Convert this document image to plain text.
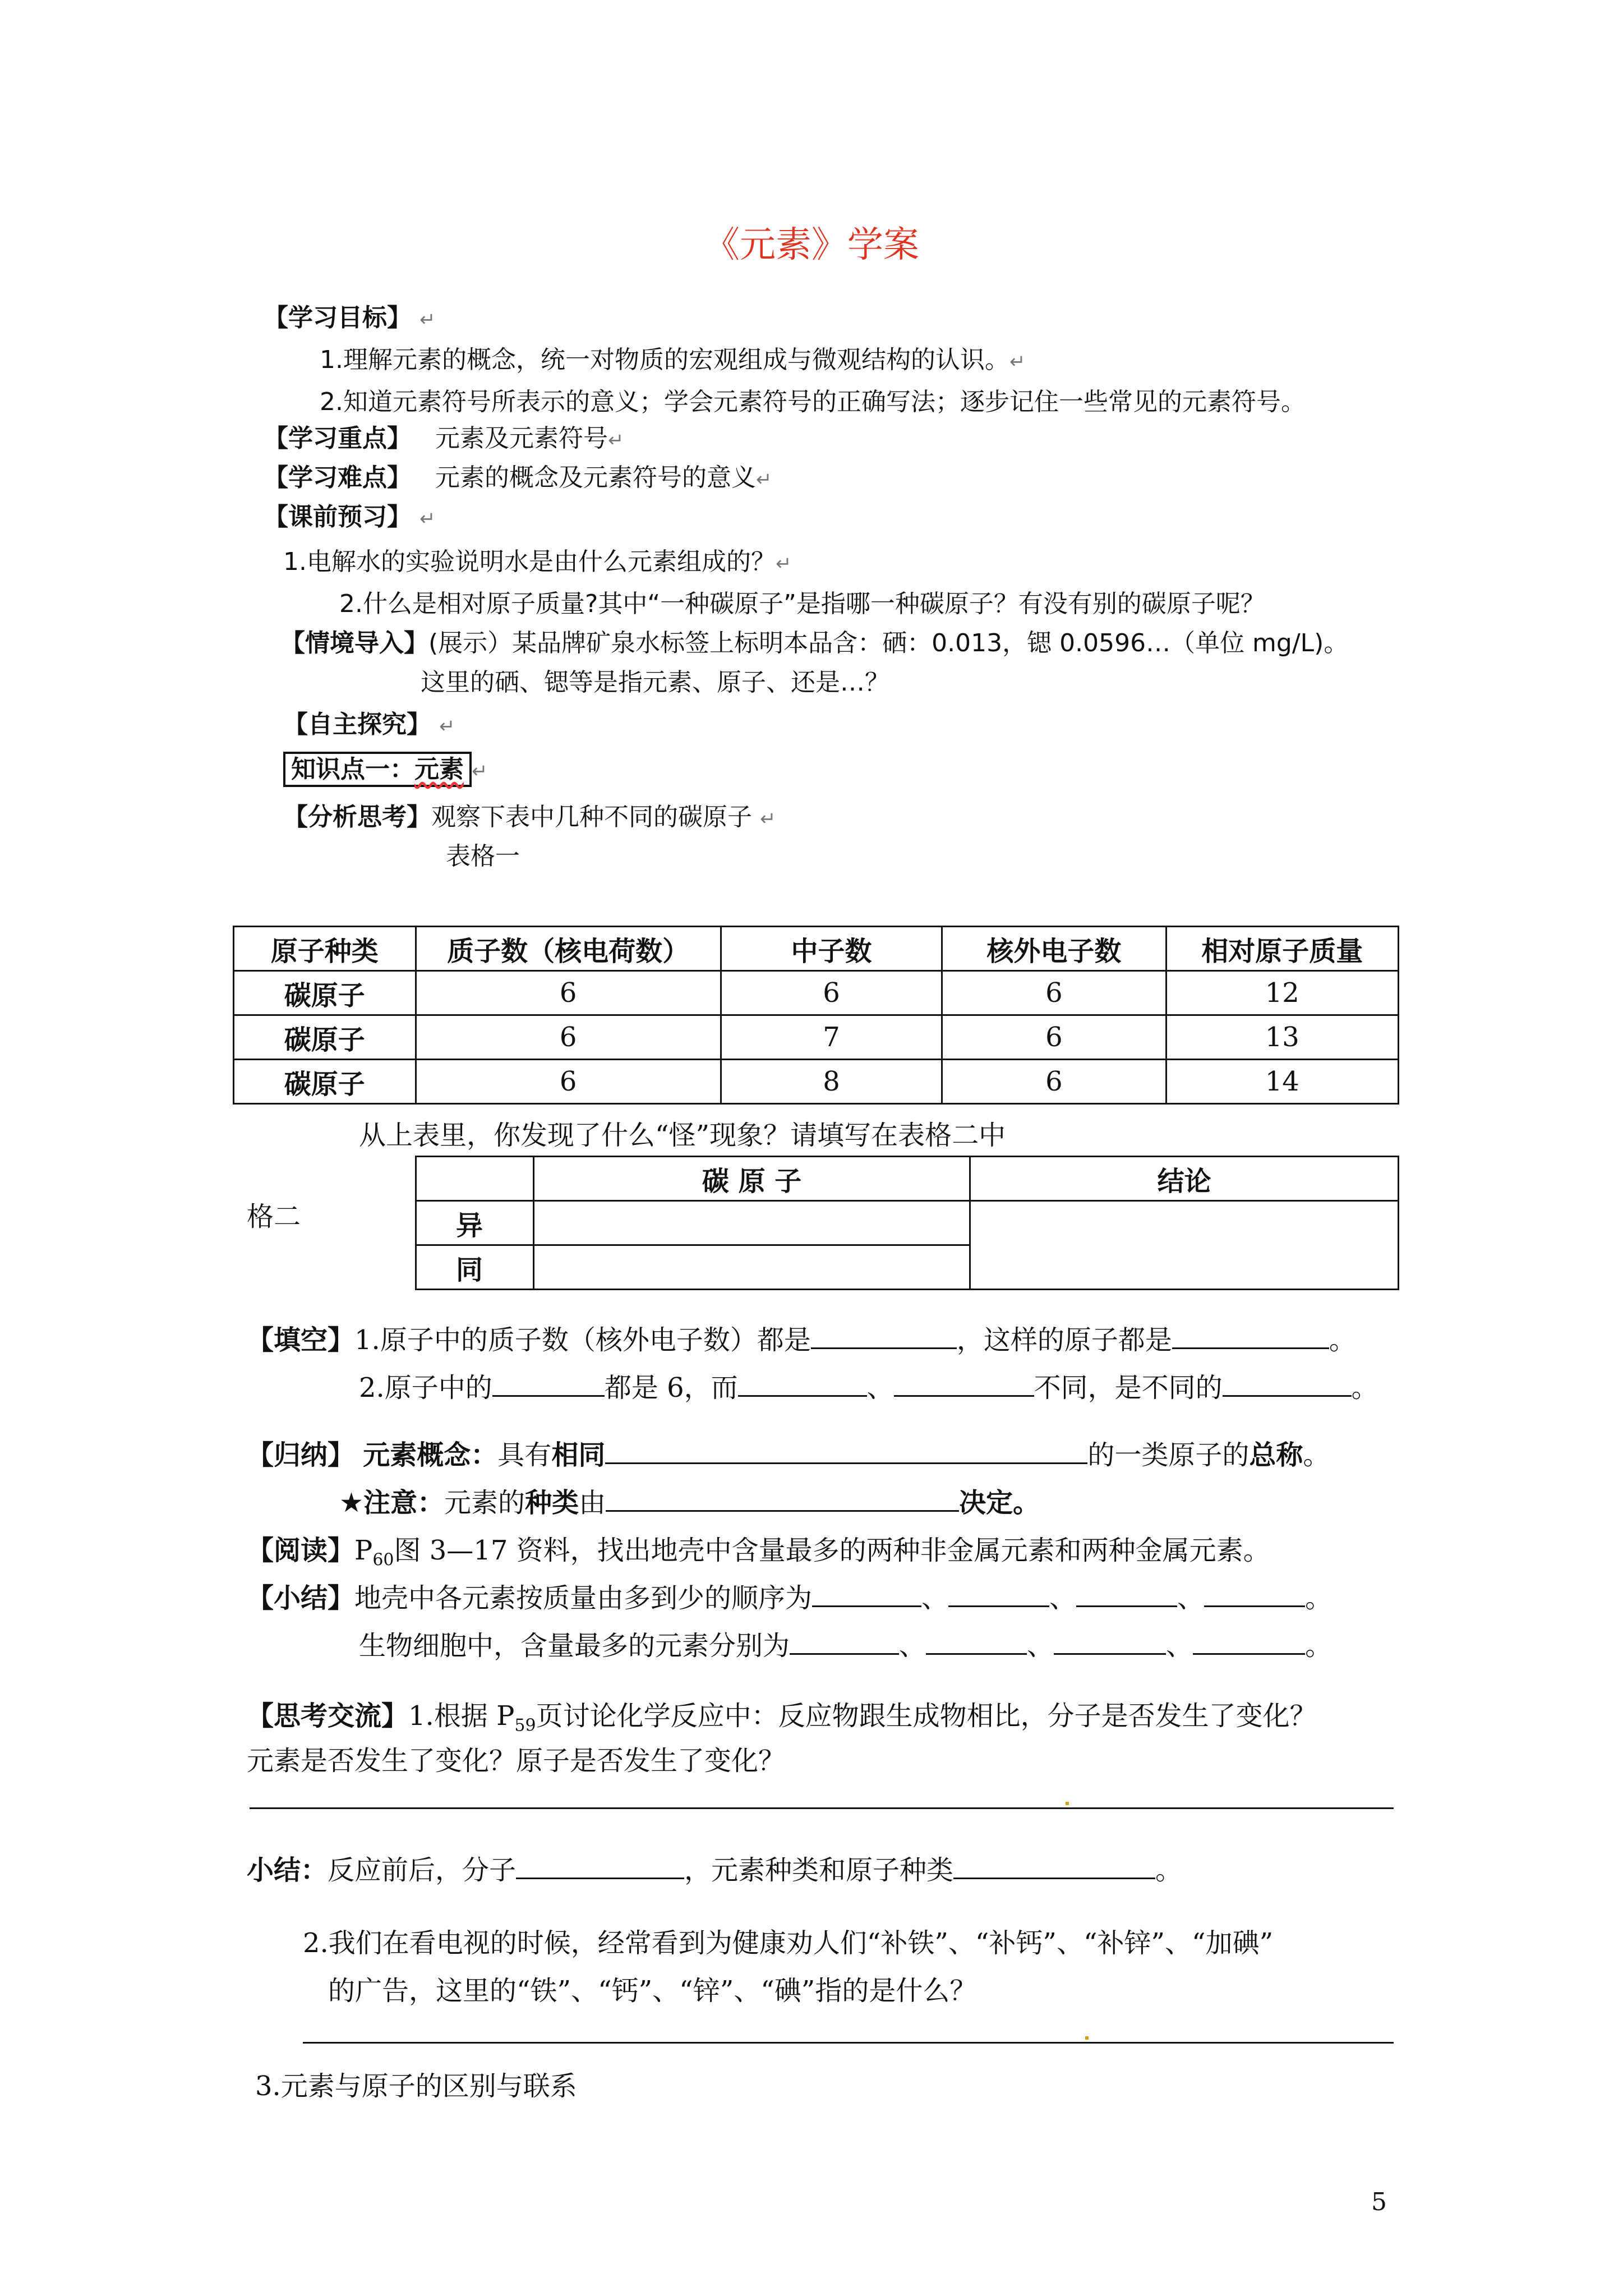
《元素》学案
【学习目标】 ↵
1.理解元素的概念，统一对物质的宏观组成与微观结构的认识。↵
2.知道元素符号所表示的意义；学会元素符号的正确写法；逐步记住一些常见的元素符号。
【学习重点】 元素及元素符号↵
【学习难点】 元素的概念及元素符号的意义↵
【课前预习】 ↵
1.电解水的实验说明水是由什么元素组成的？↵
2.什么是相对原子质量?其中“一种碳原子”是指哪一种碳原子？有没有别的碳原子呢？
【情境导入】(展示）某品牌矿泉水标签上标明本品含：硒：0.013，锶 0.0596…（单位 mg/L)。
这里的硒、锶等是指元素、原子、还是…？
【自主探究】 ↵
知识点一：元素 ↵
【分析思考】观察下表中几种不同的碳原子 ↵
表格一
原子种类	质子数（核电荷数）	中子数	核外电子数	相对原子质量
碳原子	6	6	6	12
碳原子	6	7	6	13
碳原子	6	8	6	14
从上表里，你发现了什么“怪”现象？请填写在表格二中
格二
	碳 原 子	结论
异		
同		
【填空】1.原子中的质子数（核外电子数）都是	，这样的原子都是	。
2.原子中的	都是 6，而	、	不同，是不同的	。
【归纳】 元素概念：具有相同	的一类原子的总称。
★注意：元素的种类由	决定。
【阅读】$P_{60}$图 3—17 资料，找出地壳中含量最多的两种非金属元素和两种金属元素。
【小结】地壳中各元素按质量由多到少的顺序为	、	、	、	。
生物细胞中，含量最多的元素分别为	、	、	、	。
【思考交流】1.根据 $P_{59}$页讨论化学反应中：反应物跟生成物相比，分子是否发生了变化？
元素是否发生了变化？原子是否发生了变化？
小结：反应前后，分子	，元素种类和原子种类	。
2.我们在看电视的时候，经常看到为健康劝人们“补铁”、“补钙”、“补锌”、“加碘”
的广告，这里的“铁”、“钙”、“锌”、“碘”指的是什么？
3.元素与原子的区别与联系
5
